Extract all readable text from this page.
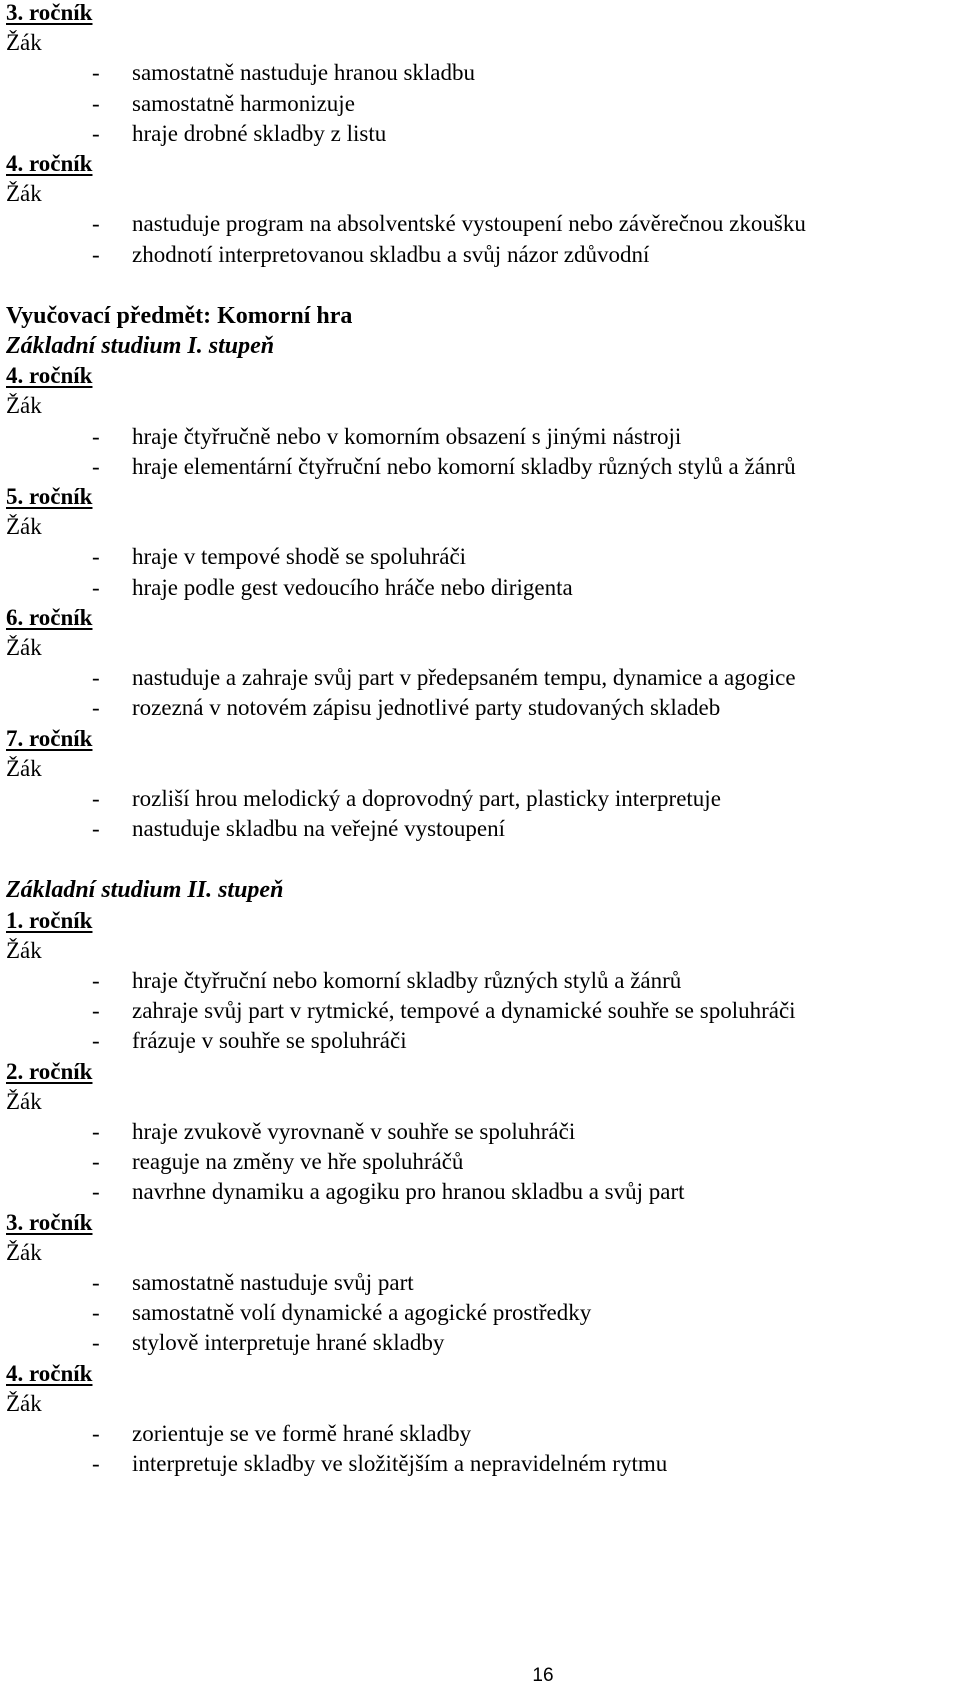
3. ročník
Žák
- samostatně nastuduje hranou skladbu
- samostatně harmonizuje
- hraje drobné skladby z listu
4. ročník
Žák
- nastuduje program na absolventské vystoupení nebo závěrečnou zkoušku
- zhodnotí interpretovanou skladbu a svůj názor zdůvodní
Vyučovací předmět: Komorní hra
Základní studium I. stupeň
4. ročník
Žák
- hraje čtyřručně nebo v komorním obsazení s jinými nástroji
- hraje elementární čtyřruční nebo komorní skladby různých stylů a žánrů
5. ročník
Žák
- hraje v tempové shodě se spoluhráči
- hraje podle gest vedoucího hráče nebo dirigenta
6. ročník
Žák
- nastuduje a zahraje svůj part v předepsaném tempu, dynamice a agogice
- rozezná v notovém zápisu jednotlivé party studovaných skladeb
7. ročník
Žák
- rozliší hrou melodický a doprovodný part, plasticky interpretuje
- nastuduje skladbu na veřejné vystoupení
Základní studium II. stupeň
1. ročník
Žák
- hraje čtyřruční nebo komorní skladby různých stylů a žánrů
- zahraje svůj part v rytmické, tempové a dynamické souhře se spoluhráči
- frázuje v souhře se spoluhráči
2. ročník
Žák
- hraje zvukově vyrovnaně v souhře se spoluhráči
- reaguje na změny ve hře spoluhráčů
- navrhne dynamiku a agogiku pro hranou skladbu a svůj part
3. ročník
Žák
- samostatně nastuduje svůj part
- samostatně volí dynamické a agogické prostředky
- stylově interpretuje hrané skladby
4. ročník
Žák
- zorientuje se ve formě hrané skladby
- interpretuje skladby ve složitějším a nepravidelném rytmu
16
